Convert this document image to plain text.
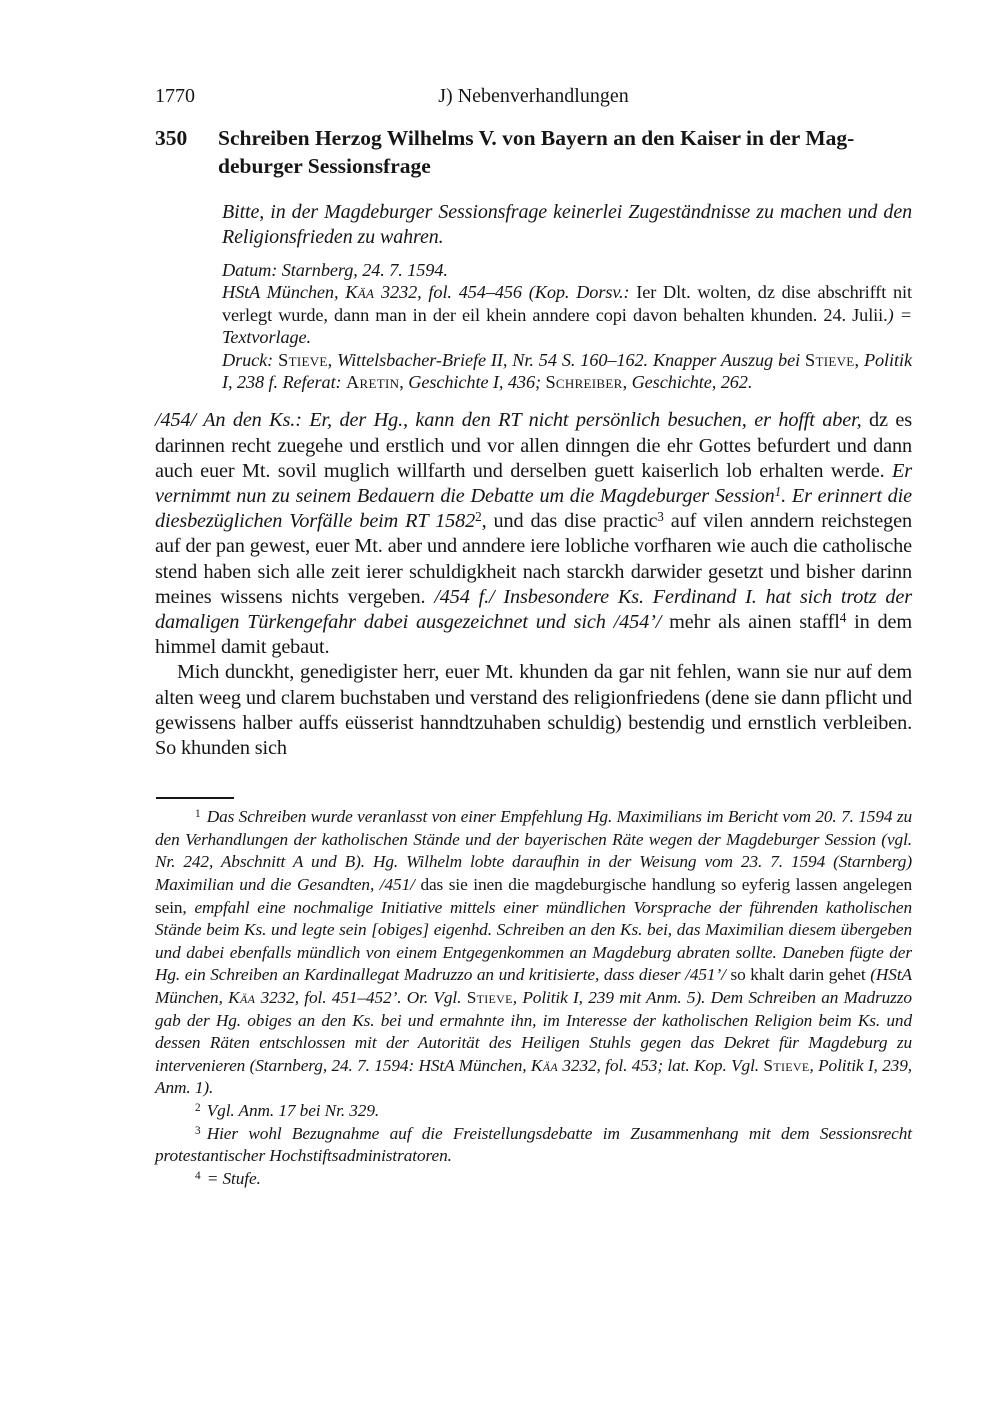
1770	J) Nebenverhandlungen
350	Schreiben Herzog Wilhelms V. von Bayern an den Kaiser in der Magdeburger Sessionsfrage

Bitte, in der Magdeburger Sessionsfrage keinerlei Zugeständnisse zu machen und den Religionsfrieden zu wahren.

Datum: Starnberg, 24. 7. 1594.

HStA München, Käa 3232, fol. 454–456 (Kop. Dorsv.: Ier Dlt. wolten, dz dise abschrifft nit verlegt wurde, dann man in der eil khein anndere copi davon behalten khunden. 24. Julii.) = Textvorlage.

Druck: Stieve, Wittelsbacher-Briefe II, Nr. 54 S. 160–162. Knapper Auszug bei Stieve, Politik I, 238 f. Referat: Aretin, Geschichte I, 436; Schreiber, Geschichte, 262.

/454/ An den Ks.: Er, der Hg., kann den RT nicht persönlich besuchen, er hofft aber, dz es darinnen recht zuegehe und erstlich und vor allen dinngen die ehr Gottes befurdert und dann auch euer Mt. sovil muglich willfarth und derselben guett kaiserlich lob erhalten werde. Er vernimmt nun zu seinem Bedauern die Debatte um die Magdeburger Session$^1$. Er erinnert die diesbezüglichen Vorfälle beim RT 1582$^2$, und das dise practic$^3$ auf vilen anndern reichstegen auf der pan gewest, euer Mt. aber und anndere iere lobliche vorfharen wie auch die catholische stend haben sich alle zeit ierer schuldigkheit nach starckh darwider gesetzt und bisher darinn meines wissens nichts vergeben. /454 f./ Insbesondere Ks. Ferdinand I. hat sich trotz der damaligen Türkengefahr dabei ausgezeichnet und sich /454’/ mehr als ainen staffl$^4$ in dem himmel damit gebaut.

Mich dunckht, genedigister herr, euer Mt. khunden da gar nit fehlen, wann sie nur auf dem alten weeg und clarem buchstaben und verstand des religionfriedens (dene sie dann pflicht und gewissens halber auffs eüsserist hanndtzuhaben schuldig) bestendig und ernstlich verbleiben. So khunden sich

$^1$ Das Schreiben wurde veranlasst von einer Empfehlung Hg. Maximilians im Bericht vom 20. 7. 1594 zu den Verhandlungen der katholischen Stände und der bayerischen Räte wegen der Magdeburger Session (vgl. Nr. 242, Abschnitt A und B). Hg. Wilhelm lobte daraufhin in der Weisung vom 23. 7. 1594 (Starnberg) Maximilian und die Gesandten, /451/ das sie inen die magdeburgische handlung so eyferig lassen angelegen sein, empfahl eine nochmalige Initiative mittels einer mündlichen Vorsprache der führenden katholischen Stände beim Ks. und legte sein [obiges] eigenhd. Schreiben an den Ks. bei, das Maximilian diesem übergeben und dabei ebenfalls mündlich von einem Entgegenkommen an Magdeburg abraten sollte. Daneben fügte der Hg. ein Schreiben an Kardinallegat Madruzzo an und kritisierte, dass dieser /451’/ so khalt darin gehet (HStA München, Käa 3232, fol. 451–452’. Or. Vgl. Stieve, Politik I, 239 mit Anm. 5). Dem Schreiben an Madruzzo gab der Hg. obiges an den Ks. bei und ermahnte ihn, im Interesse der katholischen Religion beim Ks. und dessen Räten entschlossen mit der Autorität des Heiligen Stuhls gegen das Dekret für Magdeburg zu intervenieren (Starnberg, 24. 7. 1594: HStA München, Käa 3232, fol. 453; lat. Kop. Vgl. Stieve, Politik I, 239, Anm. 1).

$^2$ Vgl. Anm. 17 bei Nr. 329.

$^3$ Hier wohl Bezugnahme auf die Freistellungsdebatte im Zusammenhang mit dem Sessionsrecht protestantischer Hochstiftsadministratoren.

$^4$ = Stufe.
